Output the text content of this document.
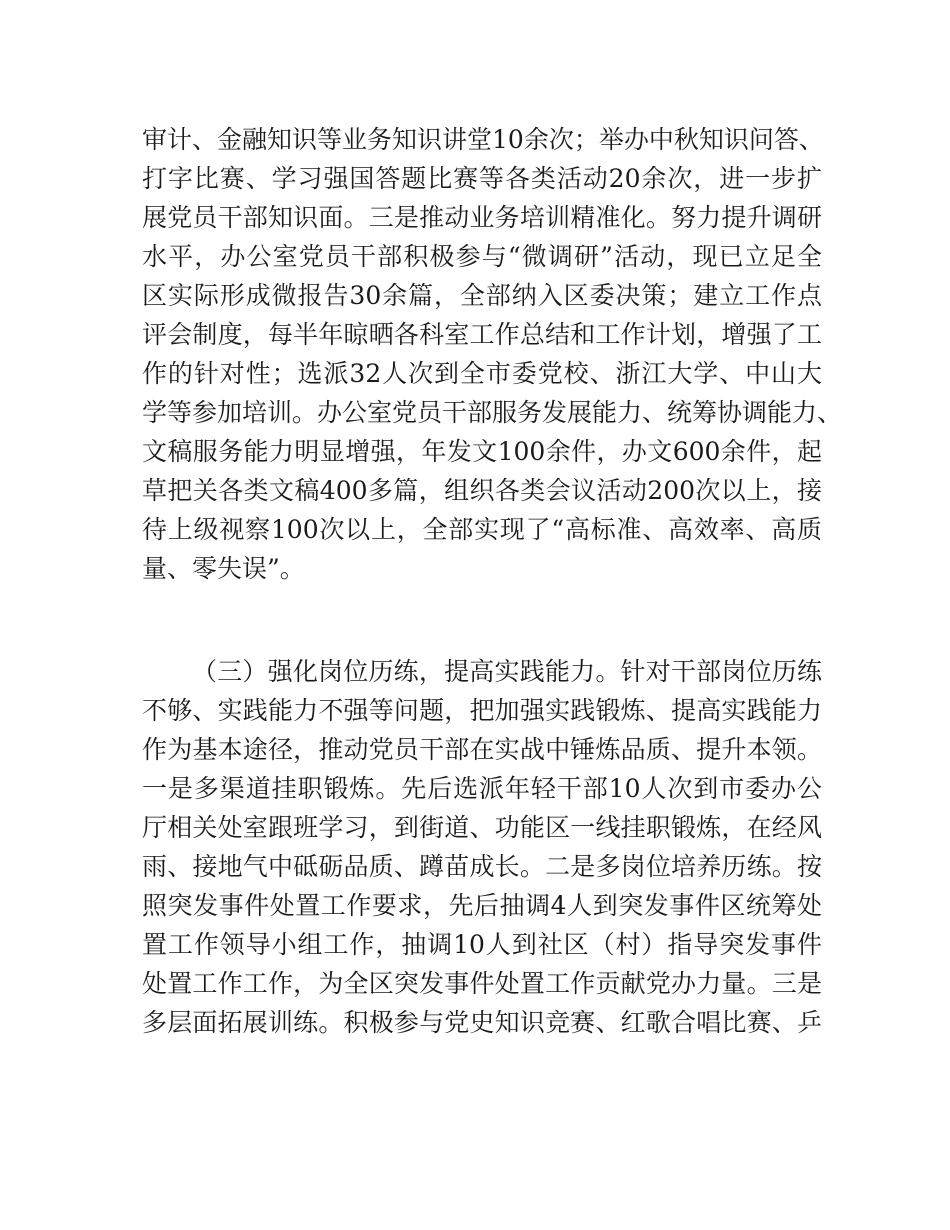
审计、金融知识等业务知识讲堂10余次；举办中秋知识问答、
打字比赛、学习强国答题比赛等各类活动20余次，进一步扩
展党员干部知识面。三是推动业务培训精准化。努力提升调研
水平，办公室党员干部积极参与“微调研”活动，现已立足全
区实际形成微报告30余篇，全部纳入区委决策；建立工作点
评会制度，每半年晾晒各科室工作总结和工作计划，增强了工
作的针对性；选派32人次到全市委党校、浙江大学、中山大
学等参加培训。办公室党员干部服务发展能力、统筹协调能力、
文稿服务能力明显增强，年发文100余件，办文600余件，起
草把关各类文稿400多篇，组织各类会议活动200次以上，接
待上级视察100次以上，全部实现了“高标准、高效率、高质
量、零失误”。
（三）强化岗位历练，提高实践能力。针对干部岗位历练
不够、实践能力不强等问题，把加强实践锻炼、提高实践能力
作为基本途径，推动党员干部在实战中锤炼品质、提升本领。
一是多渠道挂职锻炼。先后选派年轻干部10人次到市委办公
厅相关处室跟班学习，到街道、功能区一线挂职锻炼，在经风
雨、接地气中砥砺品质、蹲苗成长。二是多岗位培养历练。按
照突发事件处置工作要求，先后抽调4人到突发事件区统筹处
置工作领导小组工作，抽调10人到社区（村）指导突发事件
处置工作工作，为全区突发事件处置工作贡献党办力量。三是
多层面拓展训练。积极参与党史知识竞赛、红歌合唱比赛、乒
